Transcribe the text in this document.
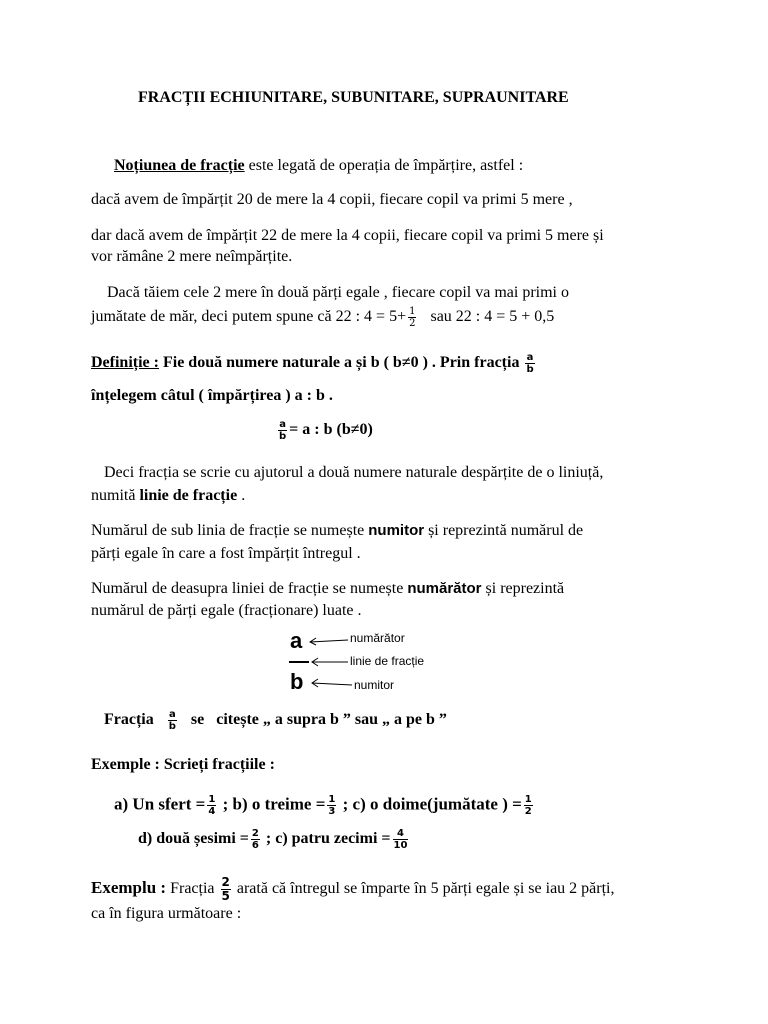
FRACȚII ECHIUNITARE, SUBUNITARE, SUPRAUNITARE
Noțiunea de fracție este legată de operația de împărțire, astfel :
dacă avem de împărțit 20 de mere la 4 copii, fiecare copil va primi 5 mere ,
dar dacă avem de împărțit 22 de mere la 4 copii, fiecare copil va primi 5 mere și
vor rămâne 2 mere neîmpărțite.
Dacă tăiem cele 2 mere în două părți egale , fiecare copil va mai primi o
jumătate de măr, deci putem spune că 22 : $4 = 5+ \frac{1}{2}$ sau 22 : 4 = 5 + 0,5
Definiție : Fie două numere naturale a și b ( b≠0 ) . Prin fracția $\frac{a}{b}$
înțelegem câtul ( împărțirea ) a : b .
$\frac{a}{b} = a$ : b (b≠0)
Deci fracția se scrie cu ajutorul a două numere naturale despărțite de o liniuță,
numită linie de fracție .
Numărul de sub linia de fracție se numește numitor și reprezintă numărul de
părți egale în care a fost împărțit întregul .
Numărul de deasupra liniei de fracție se numește numărător și reprezintă
numărul de părți egale (fracționare) luate .
a
b
numărător
linie de fracție
numitor
Fracția $\frac{a}{b}$ se citește „ a supra b ” sau „ a pe b ”
Exemple : Scrieți fracțiile :
a) Un sfert = $\frac{1}{4}$ ; b) o treime = $\frac{1}{3}$ ; c) o doime(jumătate ) = $\frac{1}{2}$
d) două șesimi = $\frac{2}{6}$ ; c) patru zecimi = $\frac{4}{10}$
Exemplu : Fracția $\frac{2}{5}$ arată că întregul se împarte în 5 părți egale și se iau 2 părți,
ca în figura următoare :
